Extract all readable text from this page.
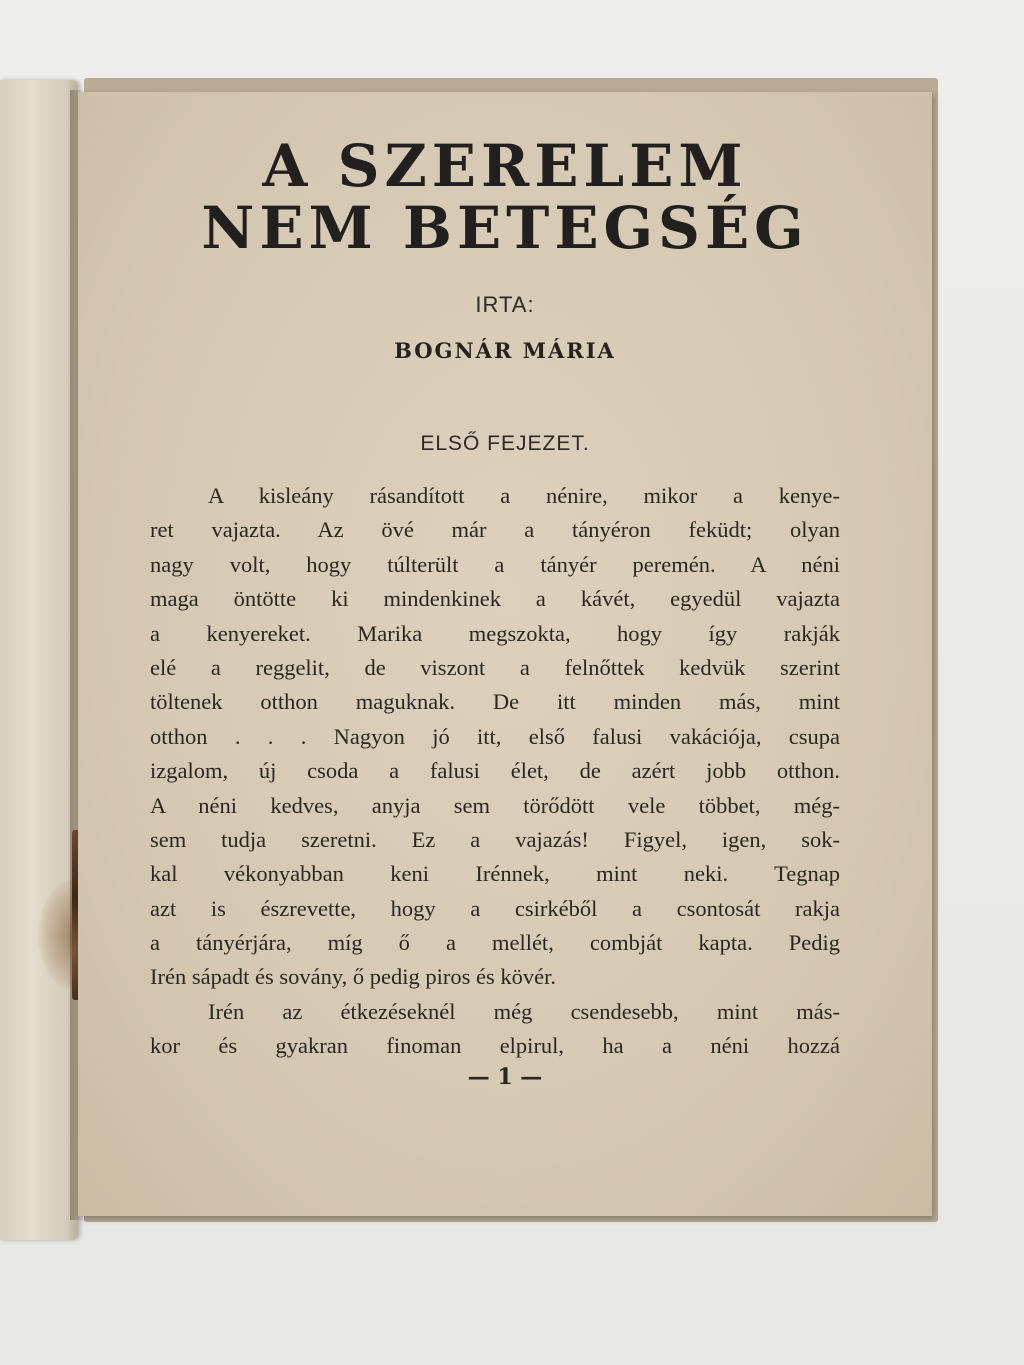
A SZERELEM
NEM BETEGSÉG
IRTA:
BOGNÁR MÁRIA
ELSŐ FEJEZET.
A kisleány rásandított a nénire, mikor a kenye-
ret vajazta. Az övé már a tányéron feküdt; olyan
nagy volt, hogy túlterült a tányér peremén. A néni
maga öntötte ki mindenkinek a kávét, egyedül vajazta
a kenyereket. Marika megszokta, hogy így rakják
elé a reggelit, de viszont a felnőttek kedvük szerint
töltenek otthon maguknak. De itt minden más, mint
otthon . . . Nagyon jó itt, első falusi vakációja, csupa
izgalom, új csoda a falusi élet, de azért jobb otthon.
A néni kedves, anyja sem törődött vele többet, még-
sem tudja szeretni. Ez a vajazás! Figyel, igen, sok-
kal vékonyabban keni Irénnek, mint neki. Tegnap
azt is észrevette, hogy a csirkéből a csontosát rakja
a tányérjára, míg ő a mellét, combját kapta. Pedig
Irén sápadt és sovány, ő pedig piros és kövér.
Irén az étkezéseknél még csendesebb, mint más-
kor és gyakran finoman elpirul, ha a néni hozzá
— 1 —
